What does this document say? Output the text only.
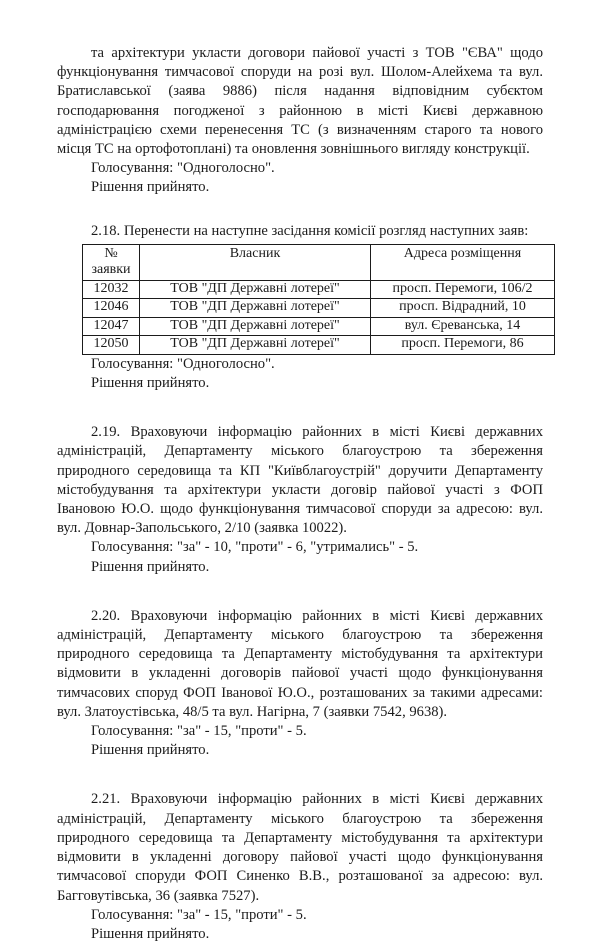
та архітектури укласти договори пайової участі з ТОВ "ЄВА" щодо функціонування тимчасової споруди на розі вул. Шолом-Алейхема та вул. Братиславської (заява 9886) після надання відповідним субєктом господарювання погодженої з районною в місті Києві державною адміністрацією схеми перенесення ТС (з визначенням старого та нового місця ТС на ортофотоплані) та оновлення зовнішнього вигляду конструкції.

Голосування: "Одноголосно".

Рішення прийнято.

2.18. Перенести на наступне засідання комісії розгляд наступних заяв:

№
заявки	Власник	Адреса розміщення
12032	ТОВ "ДП Державні лотереї"	просп. Перемоги, 106/2
12046	ТОВ "ДП Державні лотереї"	просп. Відрадний, 10
12047	ТОВ "ДП Державні лотереї"	вул. Єреванська, 14
12050	ТОВ "ДП Державні лотереї"	просп. Перемоги, 86

Голосування: "Одноголосно".

Рішення прийнято.

2.19. Враховуючи інформацію районних в місті Києві державних адміністрацій, Департаменту міського благоустрою та збереження природного середовища та КП "Київблагоустрій" доручити Департаменту містобудування та архітектури укласти договір пайової участі з ФОП Івановою Ю.О. щодо функціонування тимчасової споруди за адресою: вул. вул. Довнар-Запольського, 2/10 (заявка 10022).

Голосування: "за" - 10, "проти" - 6, "утримались" - 5.

Рішення прийнято.

2.20. Враховуючи інформацію районних в місті Києві державних адміністрацій, Департаменту міського благоустрою та збереження природного середовища та Департаменту містобудування та архітектури відмовити в укладенні договорів пайової участі щодо функціонування тимчасових споруд ФОП Іванової Ю.О., розташованих за такими адресами: вул. Златоустівська, 48/5 та вул. Нагірна, 7 (заявки 7542, 9638).

Голосування: "за" - 15, "проти" - 5.

Рішення прийнято.

2.21. Враховуючи інформацію районних в місті Києві державних адміністрацій, Департаменту міського благоустрою та збереження природного середовища та Департаменту містобудування та архітектури відмовити в укладенні договору пайової участі щодо функціонування тимчасової споруди ФОП Синенко В.В., розташованої за адресою: вул. Багговутівська, 36 (заявка 7527).

Голосування: "за" - 15, "проти" - 5.

Рішення прийнято.
